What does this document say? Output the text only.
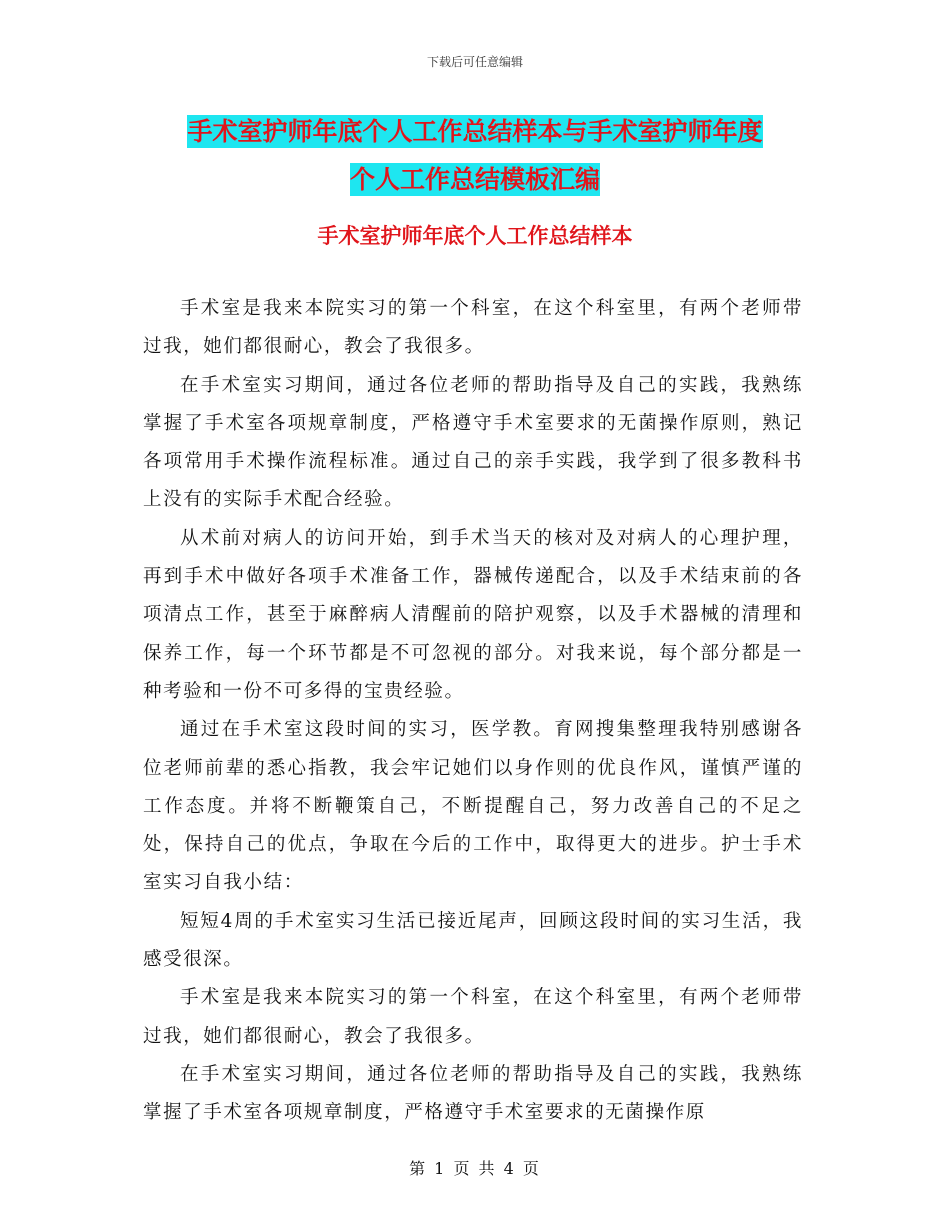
下载后可任意编辑
手术室护师年底个人工作总结样本与手术室护师年度
个人工作总结模板汇编
手术室护师年底个人工作总结样本

手术室是我来本院实习的第一个科室，在这个科室里，有两个老师带过我，她们都很耐心，教会了我很多。

在手术室实习期间，通过各位老师的帮助指导及自己的实践，我熟练掌握了手术室各项规章制度，严格遵守手术室要求的无菌操作原则，熟记各项常用手术操作流程标准。通过自己的亲手实践，我学到了很多教科书上没有的实际手术配合经验。

从术前对病人的访问开始，到手术当天的核对及对病人的心理护理，再到手术中做好各项手术准备工作，器械传递配合，以及手术结束前的各项清点工作，甚至于麻醉病人清醒前的陪护观察，以及手术器械的清理和保养工作，每一个环节都是不可忽视的部分。对我来说，每个部分都是一种考验和一份不可多得的宝贵经验。

通过在手术室这段时间的实习，医学教。育网搜集整理我特别感谢各位老师前辈的悉心指教，我会牢记她们以身作则的优良作风，谨慎严谨的工作态度。并将不断鞭策自己，不断提醒自己，努力改善自己的不足之处，保持自己的优点，争取在今后的工作中，取得更大的进步。护士手术室实习自我小结：

短短4周的手术室实习生活已接近尾声，回顾这段时间的实习生活，我感受很深。

手术室是我来本院实习的第一个科室，在这个科室里，有两个老师带过我，她们都很耐心，教会了我很多。

在手术室实习期间，通过各位老师的帮助指导及自己的实践，我熟练掌握了手术室各项规章制度，严格遵守手术室要求的无菌操作原

第 1 页 共 4 页
